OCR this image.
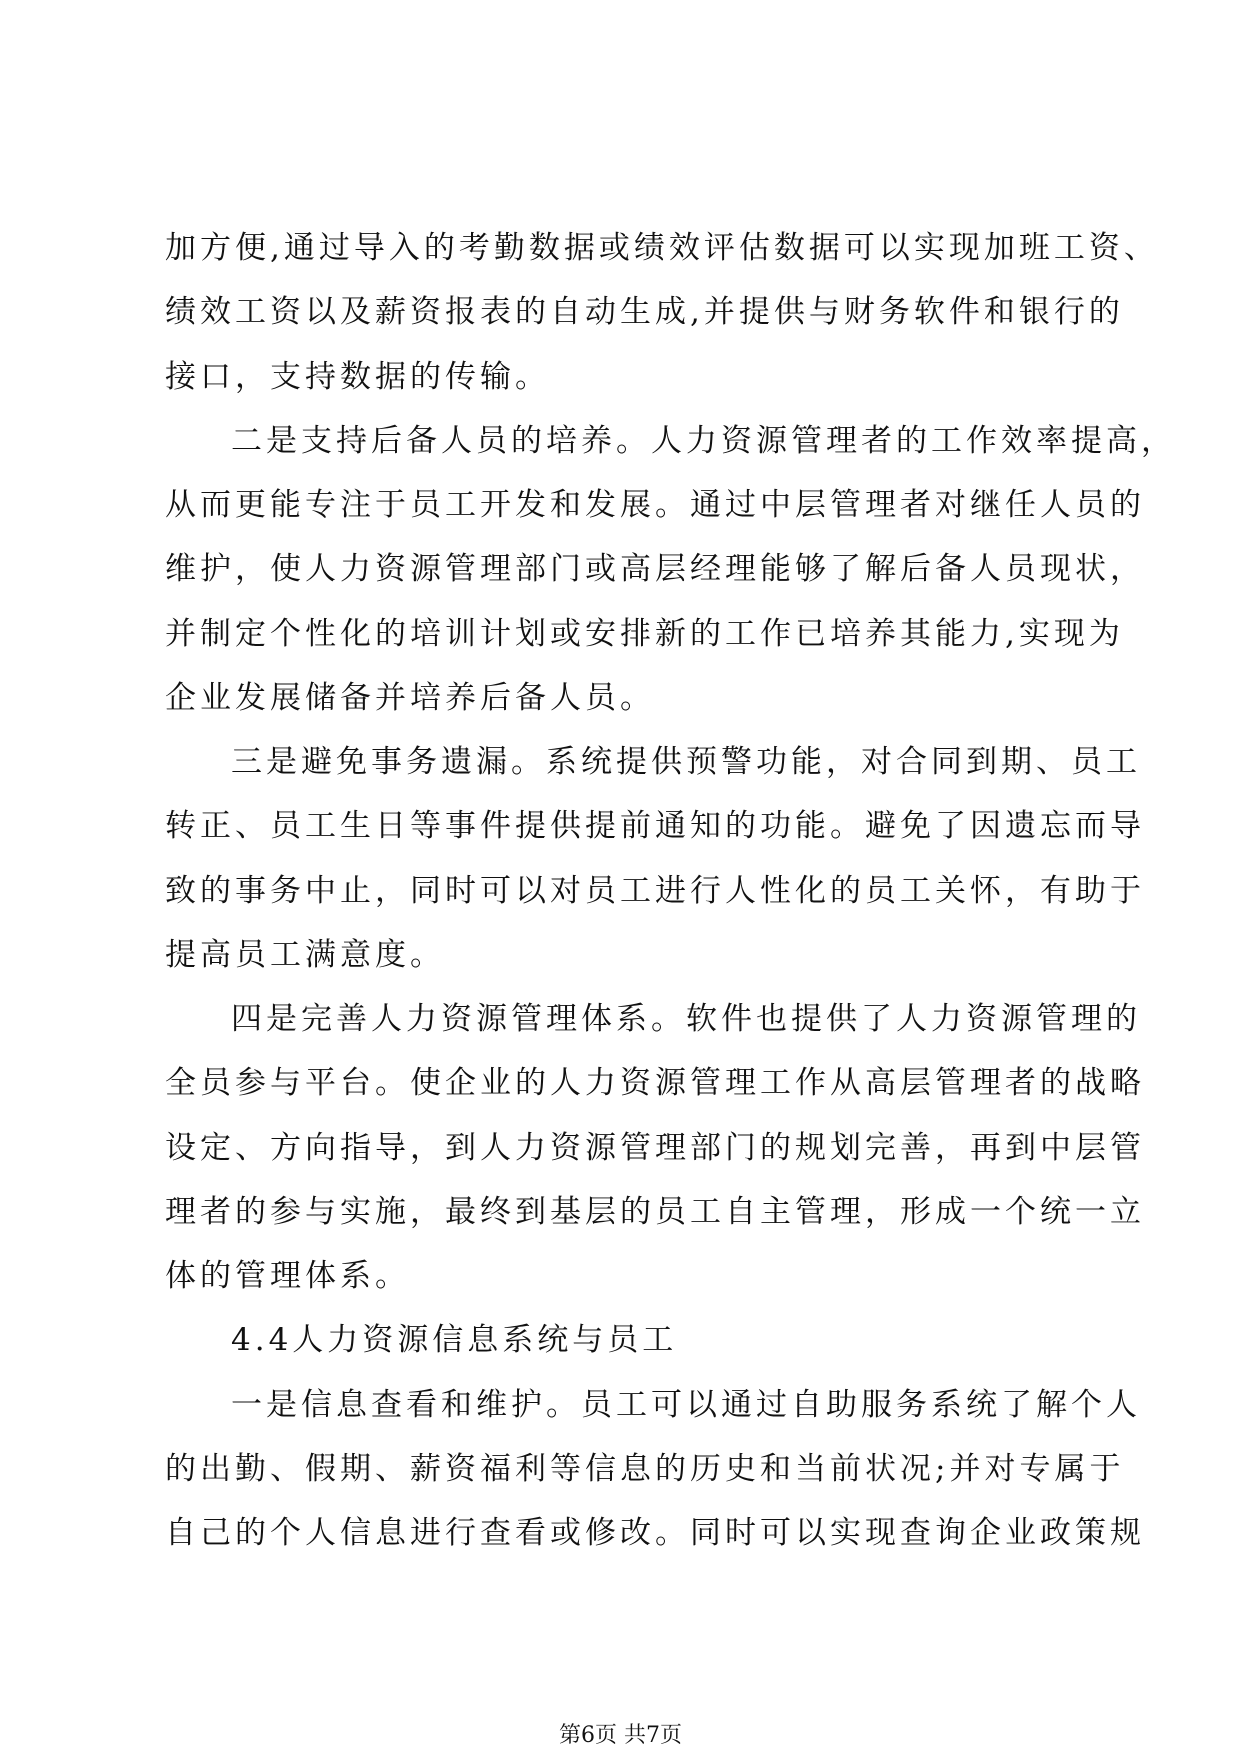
加方便,通过导入的考勤数据或绩效评估数据可以实现加班工资、
绩效工资以及薪资报表的自动生成,并提供与财务软件和银行的
接口，支持数据的传输。
二是支持后备人员的培养。人力资源管理者的工作效率提高，
从而更能专注于员工开发和发展。通过中层管理者对继任人员的
维护，使人力资源管理部门或高层经理能够了解后备人员现状，
并制定个性化的培训计划或安排新的工作已培养其能力,实现为
企业发展储备并培养后备人员。
三是避免事务遗漏。系统提供预警功能，对合同到期、员工
转正、员工生日等事件提供提前通知的功能。避免了因遗忘而导
致的事务中止，同时可以对员工进行人性化的员工关怀，有助于
提高员工满意度。
四是完善人力资源管理体系。软件也提供了人力资源管理的
全员参与平台。使企业的人力资源管理工作从高层管理者的战略
设定、方向指导，到人力资源管理部门的规划完善，再到中层管
理者的参与实施，最终到基层的员工自主管理，形成一个统一立
体的管理体系。
4.4人力资源信息系统与员工
一是信息查看和维护。员工可以通过自助服务系统了解个人
的出勤、假期、薪资福利等信息的历史和当前状况;并对专属于
自己的个人信息进行查看或修改。同时可以实现查询企业政策规
第6页 共7页
